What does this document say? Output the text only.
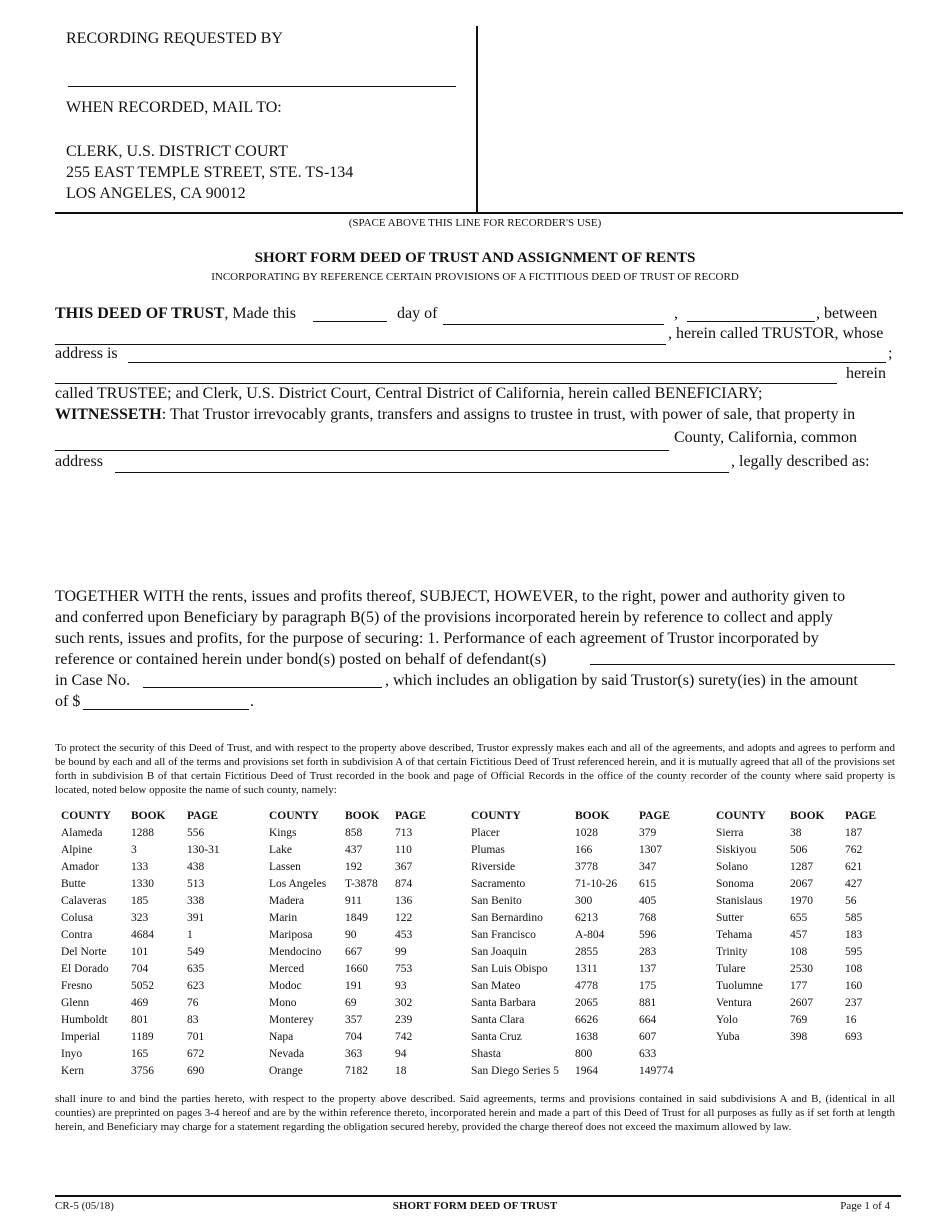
RECORDING REQUESTED BY
WHEN RECORDED, MAIL TO:
CLERK, U.S. DISTRICT COURT
255 EAST TEMPLE STREET, STE. TS-134
LOS ANGELES, CA 90012
(SPACE ABOVE THIS LINE FOR RECORDER'S USE)
SHORT FORM DEED OF TRUST AND ASSIGNMENT OF RENTS
INCORPORATING BY REFERENCE CERTAIN PROVISIONS OF A FICTITIOUS DEED OF TRUST OF RECORD
THIS DEED OF TRUST, Made this	day of	,	, between
, herein called TRUSTOR, whose
address is	;
herein
called TRUSTEE; and Clerk, U.S. District Court, Central District of California, herein called BENEFICIARY;
WITNESSETH: That Trustor irrevocably grants, transfers and assigns to trustee in trust, with power of sale, that property in
County, California, common
address	, legally described as:
TOGETHER WITH the rents, issues and profits thereof, SUBJECT, HOWEVER, to the right, power and authority given to
and conferred upon Beneficiary by paragraph B(5) of the provisions incorporated herein by reference to collect and apply
such rents, issues and profits, for the purpose of securing: 1. Performance of each agreement of Trustor incorporated by
reference or contained herein under bond(s) posted on behalf of defendant(s)
in Case No.	, which includes an obligation by said Trustor(s) surety(ies) in the amount
of $	.
To protect the security of this Deed of Trust, and with respect to the property above described, Trustor expressly makes each and all of the agreements, and adopts and agrees to perform and be bound by each and all of the terms and provisions set forth in subdivision A of that certain Fictitious Deed of Trust referenced herein, and it is mutually agreed that all of the provisions set forth in subdivision B of that certain Fictitious Deed of Trust recorded in the book and page of Official Records in the office of the county recorder of the county where said property is located, noted below opposite the name of such county, namely:
COUNTY	BOOK	PAGE	COUNTY	BOOK	PAGE	COUNTY	BOOK	PAGE	COUNTY	BOOK	PAGE
Alameda	1288	556	Kings	858	713	Placer	1028	379	Sierra	38	187
Alpine	3	130-31	Lake	437	110	Plumas	166	1307	Siskiyou	506	762
Amador	133	438	Lassen	192	367	Riverside	3778	347	Solano	1287	621
Butte	1330	513	Los Angeles	T-3878	874	Sacramento	71-10-26	615	Sonoma	2067	427
Calaveras	185	338	Madera	911	136	San Benito	300	405	Stanislaus	1970	56
Colusa	323	391	Marin	1849	122	San Bernardino	6213	768	Sutter	655	585
Contra	4684	1	Mariposa	90	453	San Francisco	A-804	596	Tehama	457	183
Del Norte	101	549	Mendocino	667	99	San Joaquin	2855	283	Trinity	108	595
El Dorado	704	635	Merced	1660	753	San Luis Obispo	1311	137	Tulare	2530	108
Fresno	5052	623	Modoc	191	93	San Mateo	4778	175	Tuolumne	177	160
Glenn	469	76	Mono	69	302	Santa Barbara	2065	881	Ventura	2607	237
Humboldt	801	83	Monterey	357	239	Santa Clara	6626	664	Yolo	769	16
Imperial	1189	701	Napa	704	742	Santa Cruz	1638	607	Yuba	398	693
Inyo	165	672	Nevada	363	94	Shasta	800	633			
Kern	3756	690	Orange	7182	18	San Diego Series 5	1964	149774			
shall inure to and bind the parties hereto, with respect to the property above described. Said agreements, terms and provisions contained in said subdivisions A and B, (identical in all counties) are preprinted on pages 3-4 hereof and are by the within reference thereto, incorporated herein and made a part of this Deed of Trust for all purposes as fully as if set forth at length herein, and Beneficiary may charge for a statement regarding the obligation secured hereby, provided the charge thereof does not exceed the maximum allowed by law.
CR-5 (05/18)	SHORT FORM DEED OF TRUST	Page 1 of 4
